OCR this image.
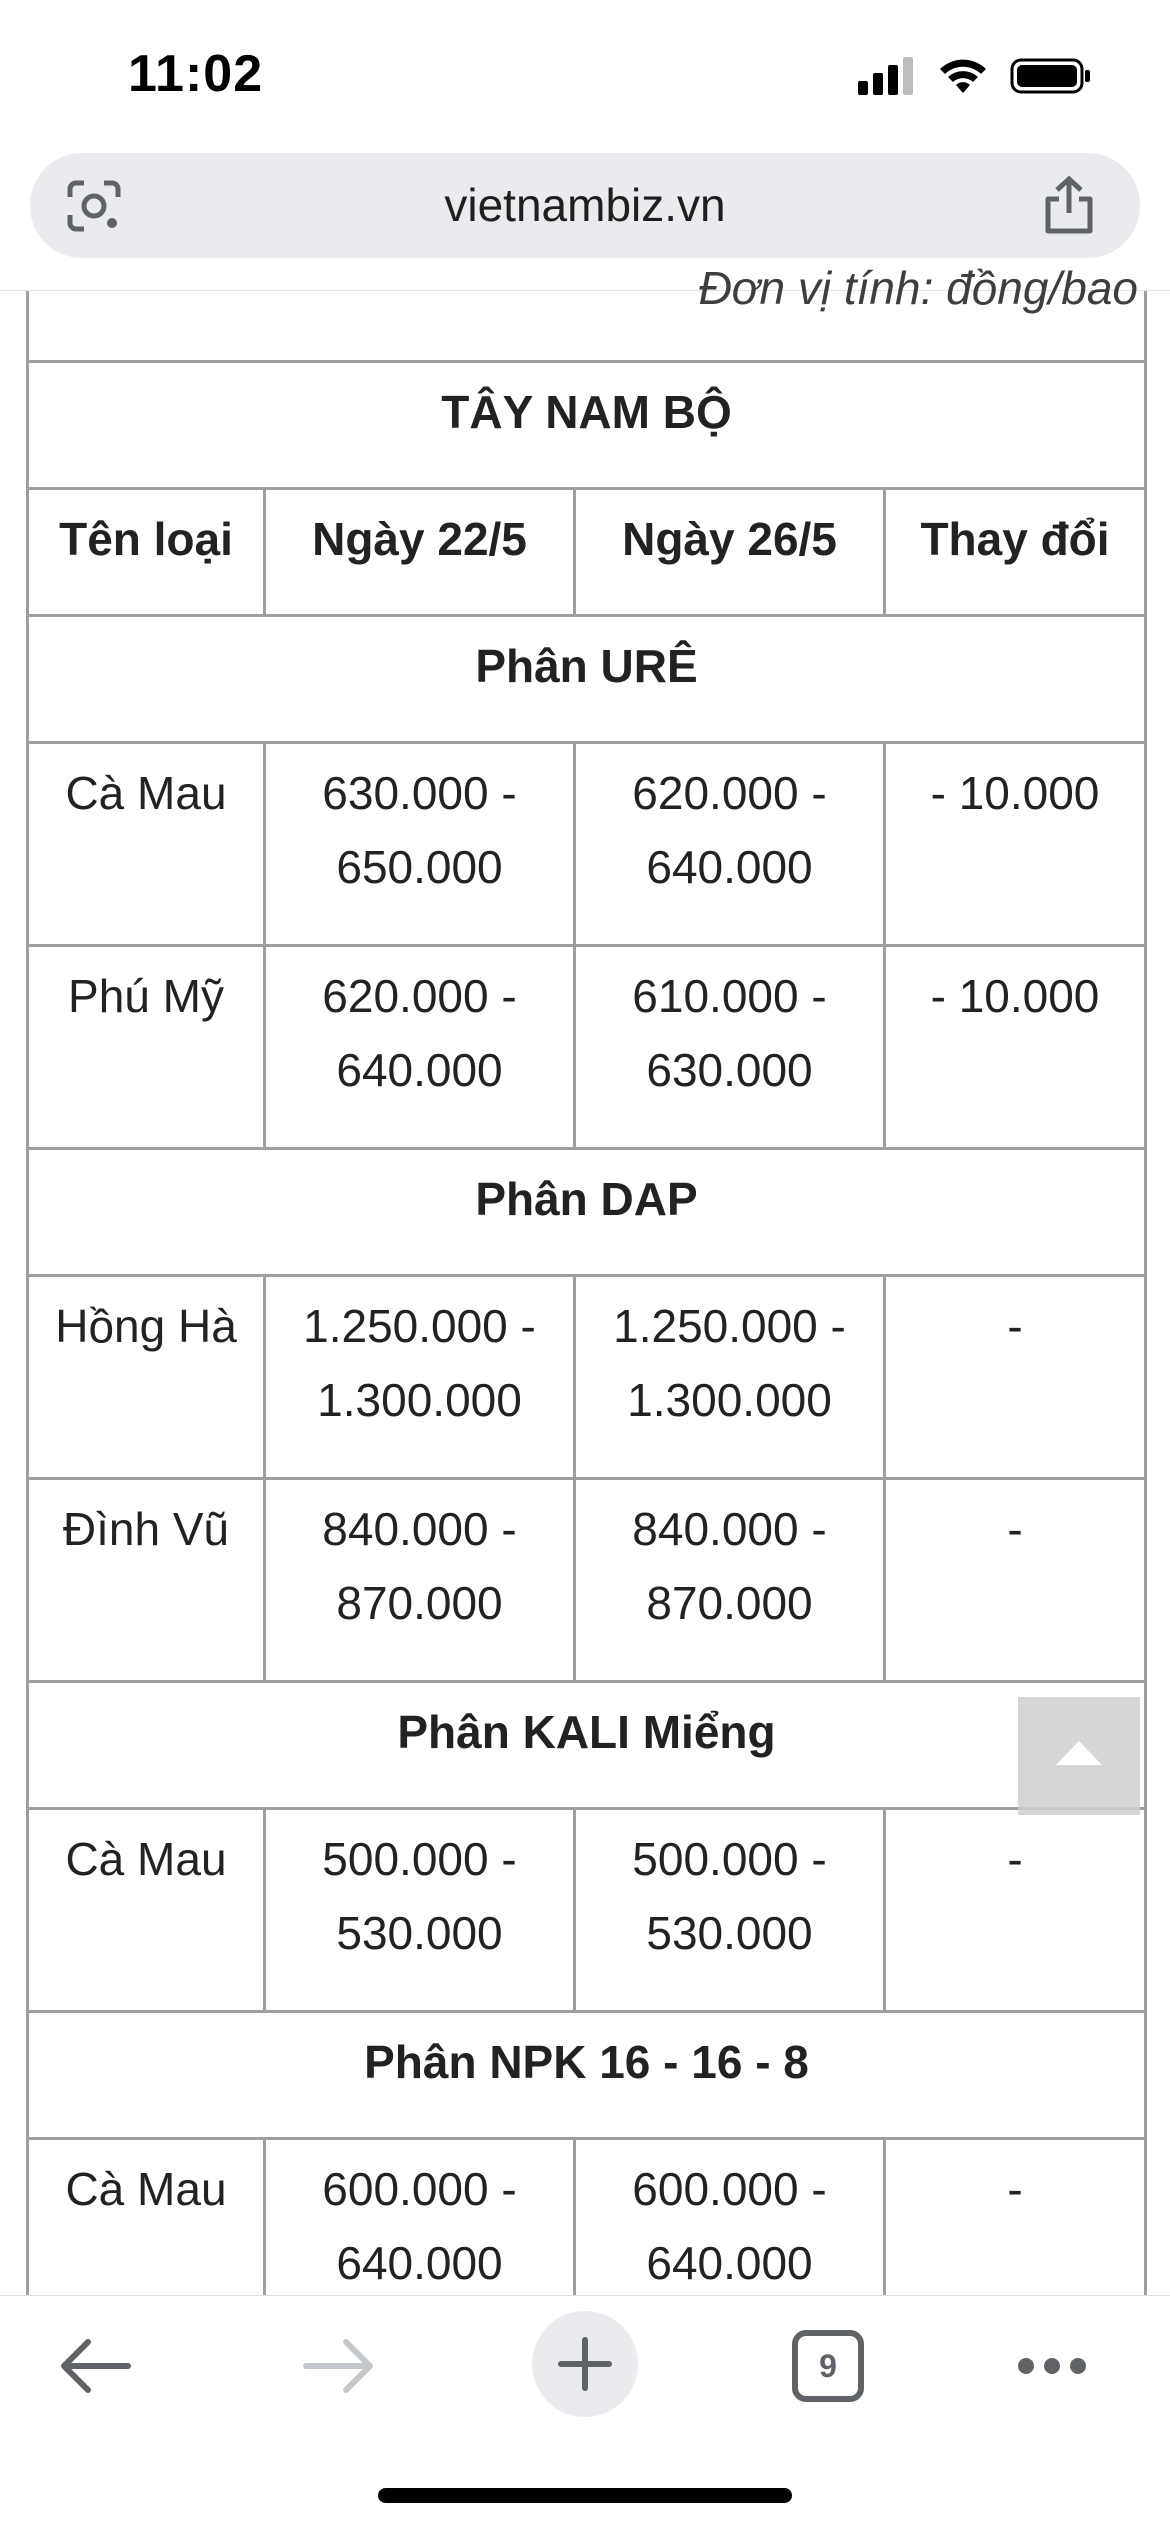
11:02
vietnambiz.vn
Đơn vị tính: đồng/bao

TÂY NAM BỘ			
Tên loại	Ngày 22/5	Ngày 26/5	Thay đổi
Phân URÊ			
Cà Mau	630.000 - 650.000	620.000 - 640.000	- 10.000
Phú Mỹ	620.000 - 640.000	610.000 - 630.000	- 10.000
Phân DAP			
Hồng Hà	1.250.000 - 1.300.000	1.250.000 - 1.300.000	-
Đình Vũ	840.000 - 870.000	840.000 - 870.000	-
Phân KALI Miểng			
Cà Mau	500.000 - 530.000	500.000 - 530.000	-
Phân NPK 16 - 16 - 8			
Cà Mau	600.000 - 640.000	600.000 - 640.000	-
9
